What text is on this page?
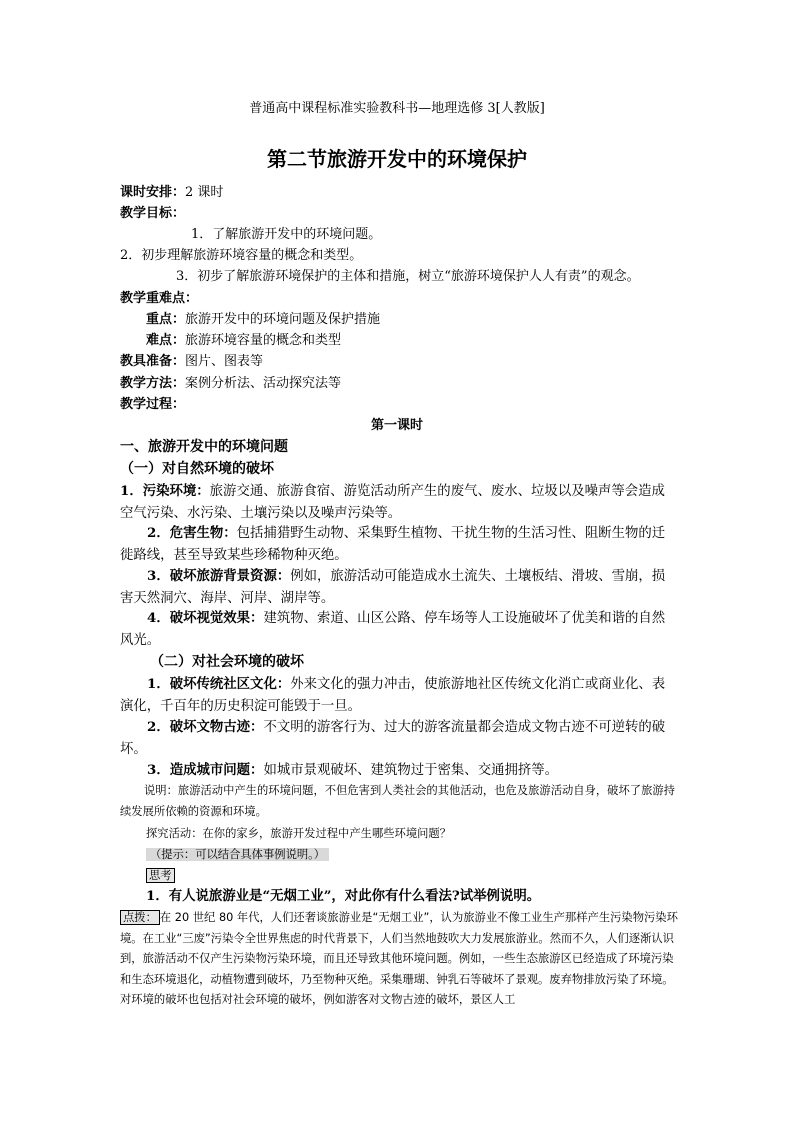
普通高中课程标准实验教科书—地理选修 3[人教版]
第二节旅游开发中的环境保护
课时安排：2 课时
教学目标：
1．了解旅游开发中的环境问题。
2．初步理解旅游环境容量的概念和类型。
3．初步了解旅游环境保护的主体和措施，树立“旅游环境保护人人有责”的观念。
教学重难点：
重点：旅游开发中的环境问题及保护措施
难点：旅游环境容量的概念和类型
教具准备：图片、图表等
教学方法：案例分析法、活动探究法等
教学过程：
第一课时
一、旅游开发中的环境问题
（一）对自然环境的破坏
1．污染环境：旅游交通、旅游食宿、游览活动所产生的废气、废水、垃圾以及噪声等会造成空气污染、水污染、土壤污染以及噪声污染等。
2．危害生物：包括捕猎野生动物、采集野生植物、干扰生物的生活习性、阻断生物的迁徙路线，甚至导致某些珍稀物种灭绝。
3．破坏旅游背景资源：例如，旅游活动可能造成水土流失、土壤板结、滑坡、雪崩，损害天然洞穴、海岸、河岸、湖岸等。
4．破坏视觉效果：建筑物、索道、山区公路、停车场等人工设施破坏了优美和谐的自然风光。
（二）对社会环境的破坏
1．破坏传统社区文化：外来文化的强力冲击，使旅游地社区传统文化消亡或商业化、表演化，千百年的历史积淀可能毁于一旦。
2．破坏文物古迹：不文明的游客行为、过大的游客流量都会造成文物古迹不可逆转的破坏。
3．造成城市问题：如城市景观破坏、建筑物过于密集、交通拥挤等。
说明：旅游活动中产生的环境问题，不但危害到人类社会的其他活动，也危及旅游活动自身，破坏了旅游持续发展所依赖的资源和环境。
探究活动：在你的家乡，旅游开发过程中产生哪些环境问题？
（提示：可以结合具体事例说明。）
思考
1．有人说旅游业是“无烟工业”，对此你有什么看法?试举例说明。
点拨： 在 20 世纪 80 年代，人们还奢谈旅游业是“无烟工业”，认为旅游业不像工业生产那样产生污染物污染环境。在工业“三废”污染令全世界焦虑的时代背景下，人们当然地鼓吹大力发展旅游业。然而不久，人们逐渐认识到，旅游活动不仅产生污染物污染环境，而且还导致其他环境问题。例如，一些生态旅游区已经造成了环境污染和生态环境退化，动植物遭到破坏，乃至物种灭绝。采集珊瑚、钟乳石等破坏了景观。废弃物排放污染了环境。对环境的破坏也包括对社会环境的破坏，例如游客对文物古迹的破坏，景区人工
